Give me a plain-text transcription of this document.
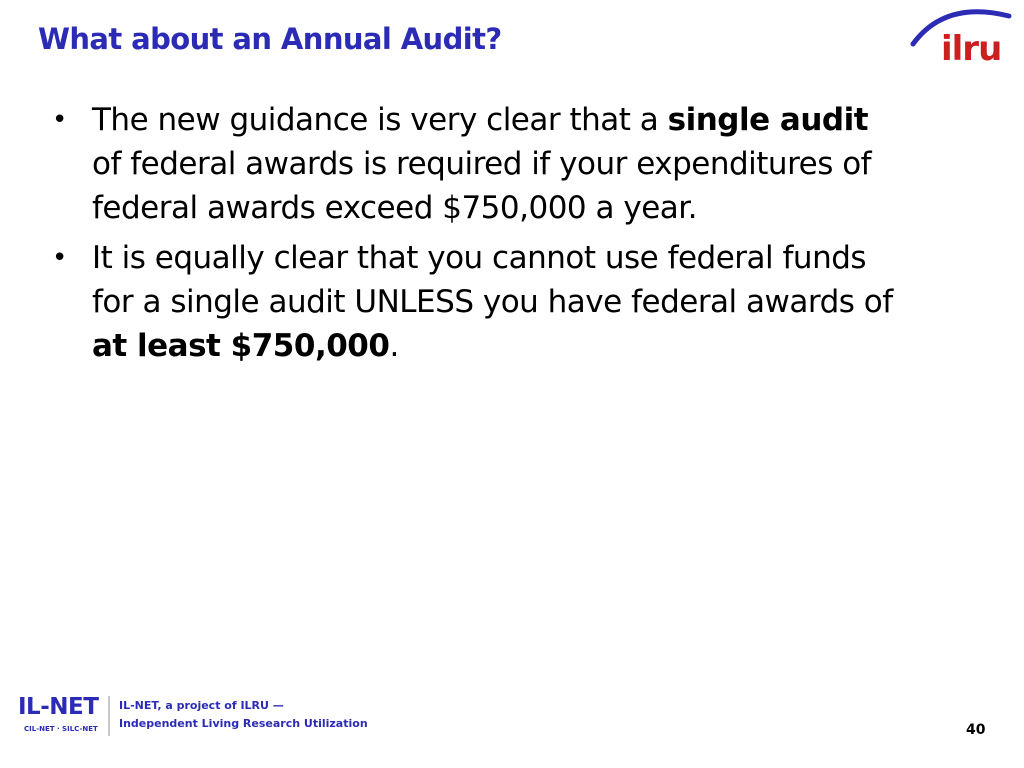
What about an Annual Audit?	ilru
• The new guidance is very clear that a single audit
of federal awards is required if your expenditures of
federal awards exceed $750,000 a year.
• It is equally clear that you cannot use federal funds
for a single audit UNLESS you have federal awards of
at least $750,000.
IL-NET
CIL-NET · SILC-NET
IL-NET, a project of ILRU —
Independent Living Research Utilization	40
